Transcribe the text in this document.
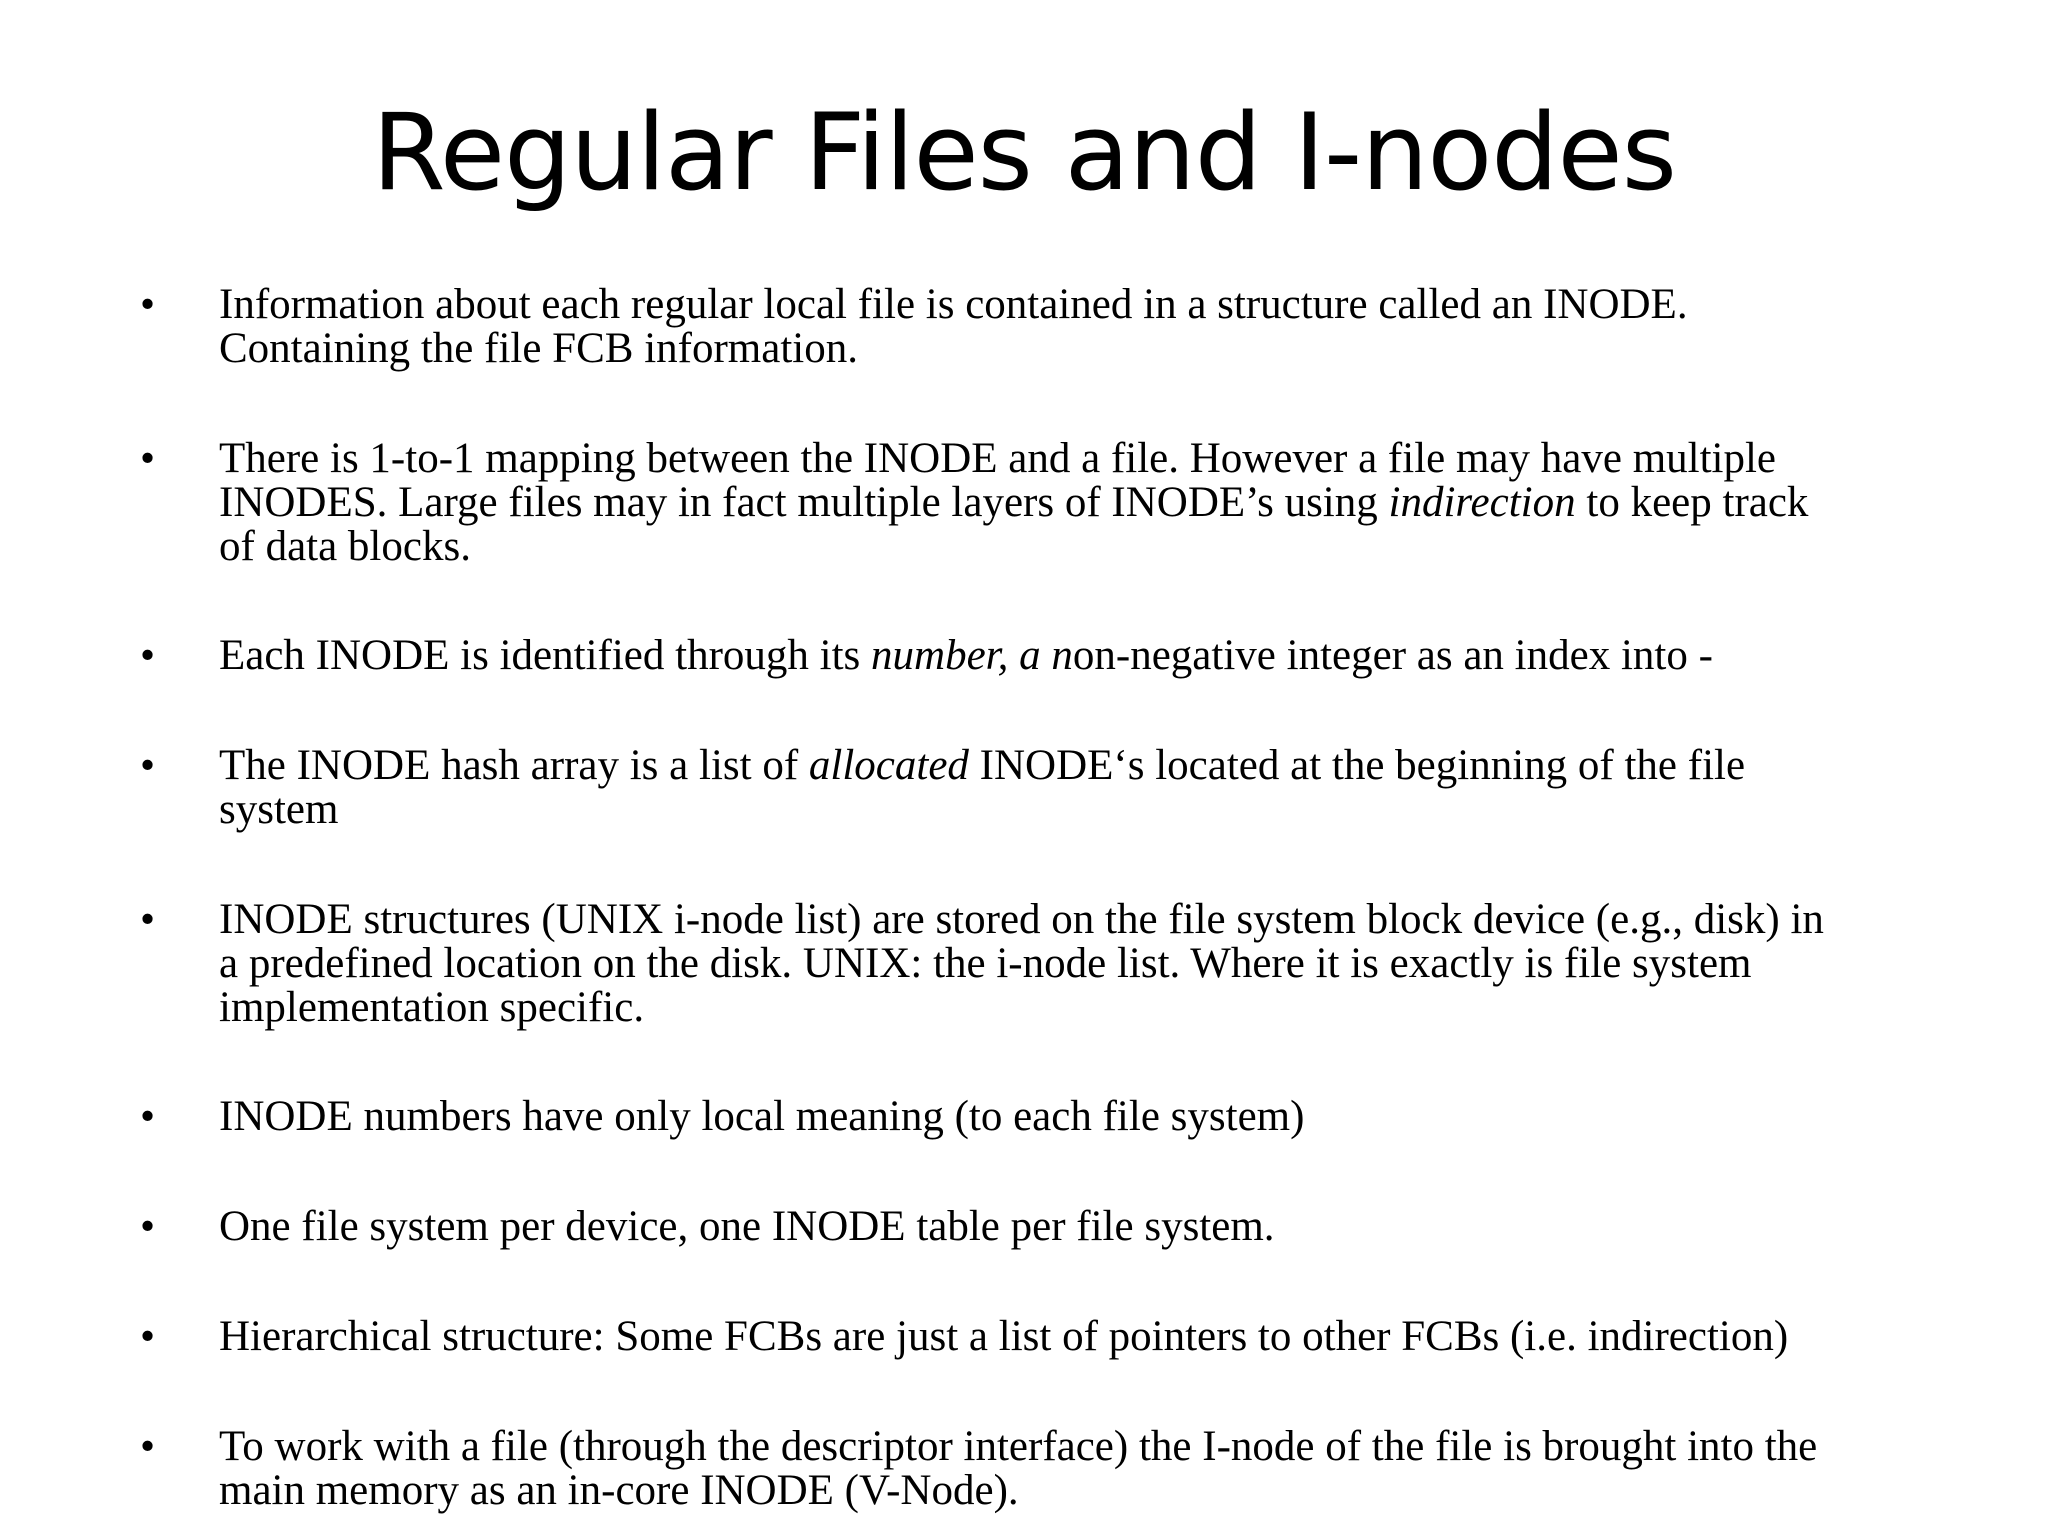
Regular Files and I-nodes
•	Information about each regular local file is contained in a structure called an INODE.
Containing the file FCB information.
•	There is 1-to-1 mapping between the INODE and a file. However a file may have multiple
INODES. Large files may in fact multiple layers of INODE’s using indirection to keep track
of data blocks.
•	Each INODE is identified through its number, a non-negative integer as an index into -
•	The INODE hash array is a list of allocated INODE‘s located at the beginning of the file
system
•	INODE structures (UNIX i-node list) are stored on the file system block device (e.g., disk) in
a predefined location on the disk. UNIX: the i-node list. Where it is exactly is file system
implementation specific.
•	INODE numbers have only local meaning (to each file system)
•	One file system per device, one INODE table per file system.
•	Hierarchical structure: Some FCBs are just a list of pointers to other FCBs (i.e. indirection)
•	To work with a file (through the descriptor interface) the I-node of the file is brought into the
main memory as an in-core INODE (V-Node).
